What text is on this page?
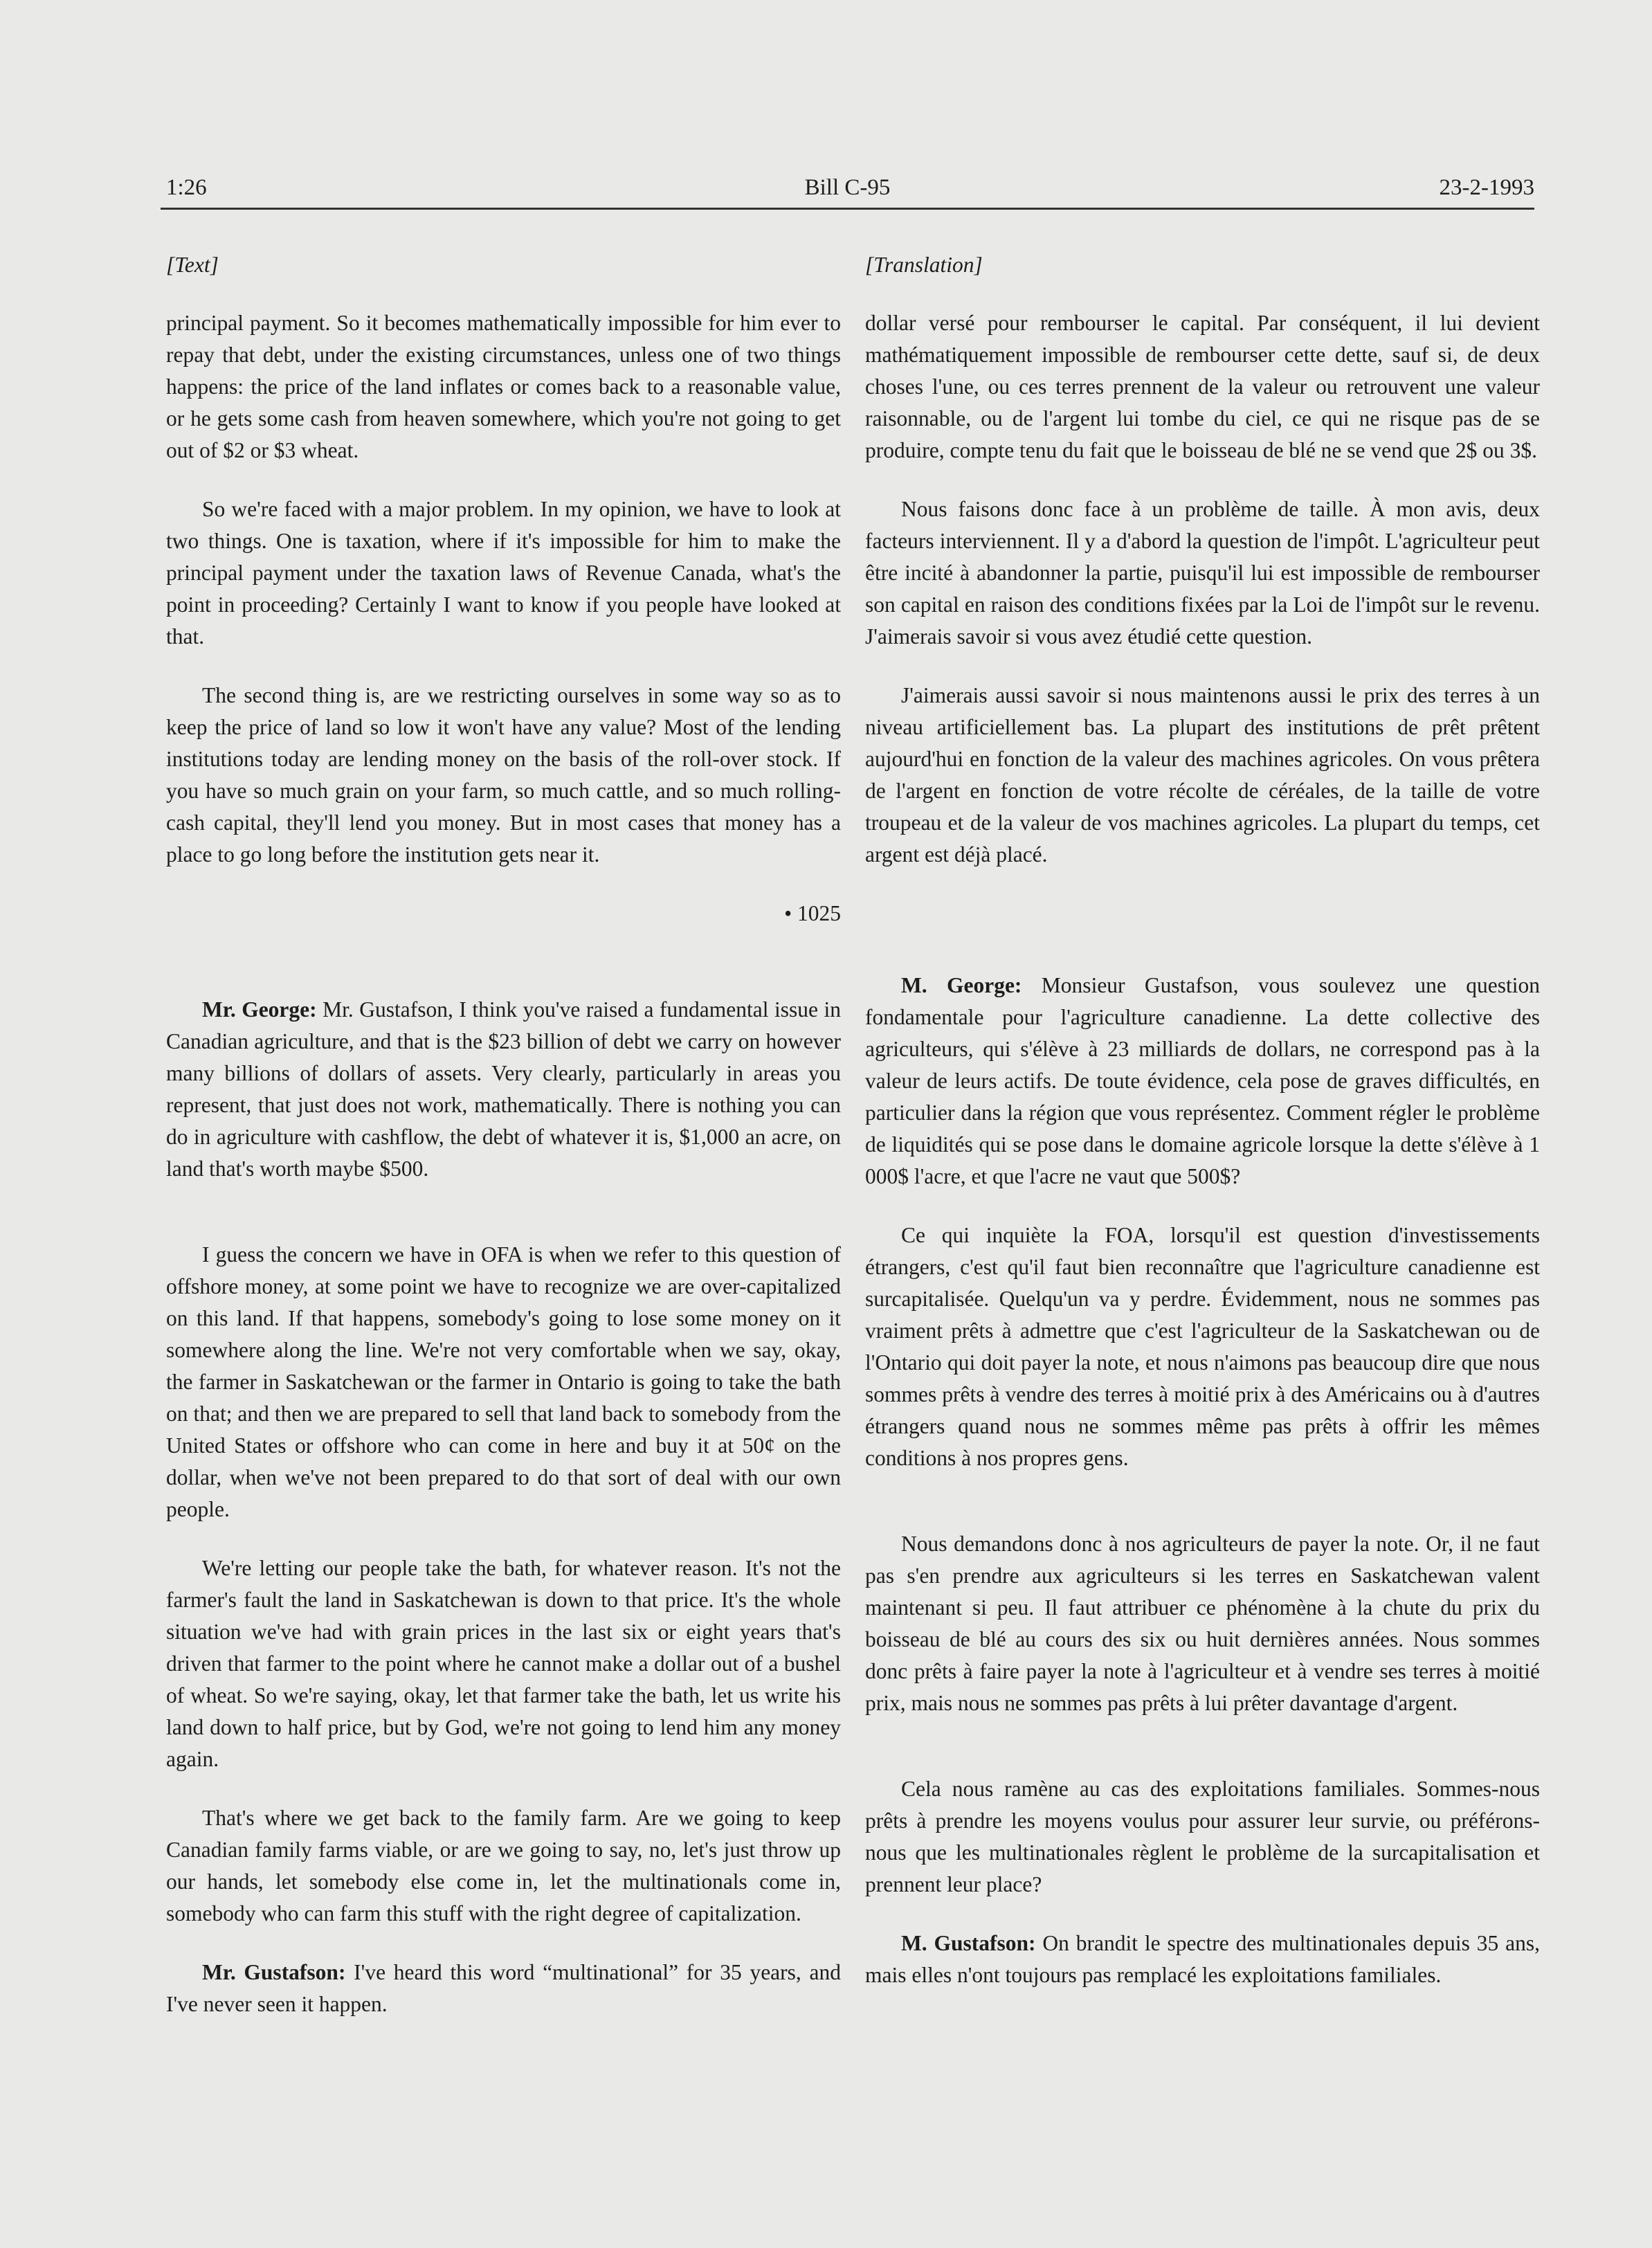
1:26	Bill C-95	23-2-1993
[Text]

principal payment. So it becomes mathematically impossible for him ever to repay that debt, under the existing circumstances, unless one of two things happens: the price of the land inflates or comes back to a reasonable value, or he gets some cash from heaven somewhere, which you're not going to get out of $2 or $3 wheat.

So we're faced with a major problem. In my opinion, we have to look at two things. One is taxation, where if it's impossible for him to make the principal payment under the taxation laws of Revenue Canada, what's the point in proceeding? Certainly I want to know if you people have looked at that.

The second thing is, are we restricting ourselves in some way so as to keep the price of land so low it won't have any value? Most of the lending institutions today are lending money on the basis of the roll-over stock. If you have so much grain on your farm, so much cattle, and so much rolling-cash capital, they'll lend you money. But in most cases that money has a place to go long before the institution gets near it.

• 1025

Mr. George: Mr. Gustafson, I think you've raised a fundamental issue in Canadian agriculture, and that is the $23 billion of debt we carry on however many billions of dollars of assets. Very clearly, particularly in areas you represent, that just does not work, mathematically. There is nothing you can do in agriculture with cashflow, the debt of whatever it is, $1,000 an acre, on land that's worth maybe $500.

I guess the concern we have in OFA is when we refer to this question of offshore money, at some point we have to recognize we are over-capitalized on this land. If that happens, somebody's going to lose some money on it somewhere along the line. We're not very comfortable when we say, okay, the farmer in Saskatchewan or the farmer in Ontario is going to take the bath on that; and then we are prepared to sell that land back to somebody from the United States or offshore who can come in here and buy it at 50¢ on the dollar, when we've not been prepared to do that sort of deal with our own people.

We're letting our people take the bath, for whatever reason. It's not the farmer's fault the land in Saskatchewan is down to that price. It's the whole situation we've had with grain prices in the last six or eight years that's driven that farmer to the point where he cannot make a dollar out of a bushel of wheat. So we're saying, okay, let that farmer take the bath, let us write his land down to half price, but by God, we're not going to lend him any money again.

That's where we get back to the family farm. Are we going to keep Canadian family farms viable, or are we going to say, no, let's just throw up our hands, let somebody else come in, let the multinationals come in, somebody who can farm this stuff with the right degree of capitalization.

Mr. Gustafson: I've heard this word “multinational” for 35 years, and I've never seen it happen.

[Translation]

dollar versé pour rembourser le capital. Par conséquent, il lui devient mathématiquement impossible de rembourser cette dette, sauf si, de deux choses l'une, ou ces terres prennent de la valeur ou retrouvent une valeur raisonnable, ou de l'argent lui tombe du ciel, ce qui ne risque pas de se produire, compte tenu du fait que le boisseau de blé ne se vend que 2$ ou 3$.

Nous faisons donc face à un problème de taille. À mon avis, deux facteurs interviennent. Il y a d'abord la question de l'impôt. L'agriculteur peut être incité à abandonner la partie, puisqu'il lui est impossible de rembourser son capital en raison des conditions fixées par la Loi de l'impôt sur le revenu. J'aimerais savoir si vous avez étudié cette question.

J'aimerais aussi savoir si nous maintenons aussi le prix des terres à un niveau artificiellement bas. La plupart des institutions de prêt prêtent aujourd'hui en fonction de la valeur des machines agricoles. On vous prêtera de l'argent en fonction de votre récolte de céréales, de la taille de votre troupeau et de la valeur de vos machines agricoles. La plupart du temps, cet argent est déjà placé.

M. George: Monsieur Gustafson, vous soulevez une question fondamentale pour l'agriculture canadienne. La dette collective des agriculteurs, qui s'élève à 23 milliards de dollars, ne correspond pas à la valeur de leurs actifs. De toute évidence, cela pose de graves difficultés, en particulier dans la région que vous représentez. Comment régler le problème de liquidités qui se pose dans le domaine agricole lorsque la dette s'élève à 1 000$ l'acre, et que l'acre ne vaut que 500$?

Ce qui inquiète la FOA, lorsqu'il est question d'investissements étrangers, c'est qu'il faut bien reconnaître que l'agriculture canadienne est surcapitalisée. Quelqu'un va y perdre. Évidemment, nous ne sommes pas vraiment prêts à admettre que c'est l'agriculteur de la Saskatchewan ou de l'Ontario qui doit payer la note, et nous n'aimons pas beaucoup dire que nous sommes prêts à vendre des terres à moitié prix à des Américains ou à d'autres étrangers quand nous ne sommes même pas prêts à offrir les mêmes conditions à nos propres gens.

Nous demandons donc à nos agriculteurs de payer la note. Or, il ne faut pas s'en prendre aux agriculteurs si les terres en Saskatchewan valent maintenant si peu. Il faut attribuer ce phénomène à la chute du prix du boisseau de blé au cours des six ou huit dernières années. Nous sommes donc prêts à faire payer la note à l'agriculteur et à vendre ses terres à moitié prix, mais nous ne sommes pas prêts à lui prêter davantage d'argent.

Cela nous ramène au cas des exploitations familiales. Sommes-nous prêts à prendre les moyens voulus pour assurer leur survie, ou préférons-nous que les multinationales règlent le problème de la surcapitalisation et prennent leur place?

M. Gustafson: On brandit le spectre des multinationales depuis 35 ans, mais elles n'ont toujours pas remplacé les exploitations familiales.
